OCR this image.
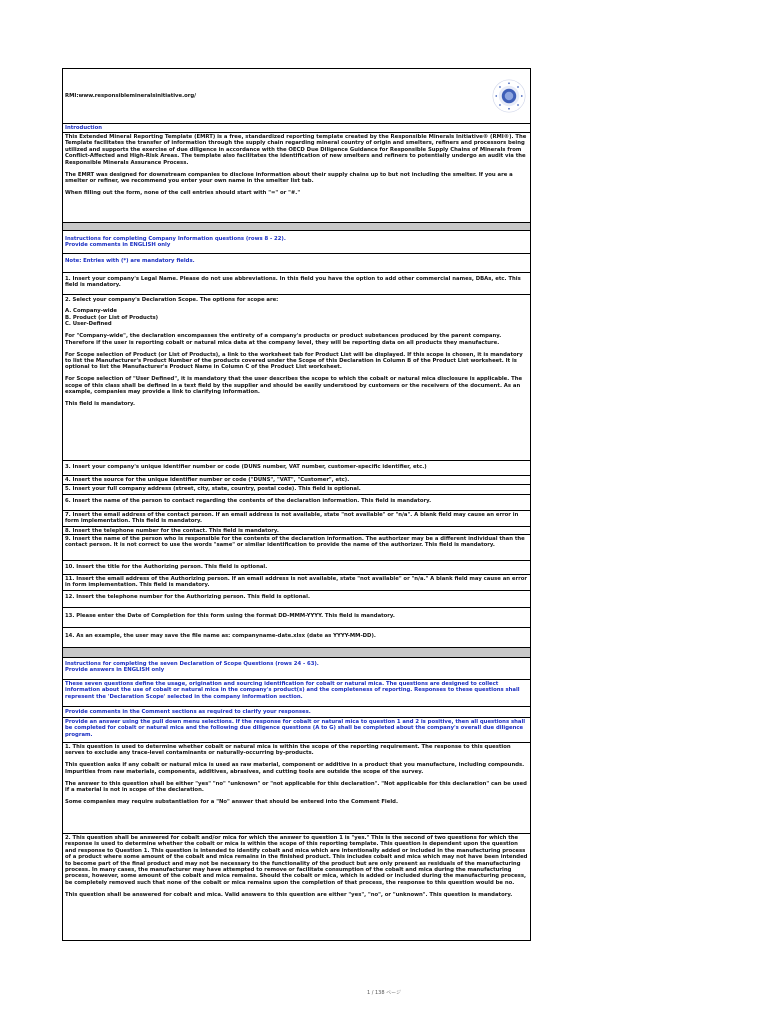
RMI:www.responsiblemineralsinitiative.org/
Introduction

This Extended Mineral Reporting Template (EMRT) is a free, standardized reporting template created by the Responsible Minerals Initiative® (RMI®). The Template facilitates the transfer of information through the supply chain regarding mineral country of origin and smelters, refiners and processors being utilized and supports the exercise of due diligence in accordance with the OECD Due Diligence Guidance for Responsible Supply Chains of Minerals from Conflict-Affected and High-Risk Areas. The template also facilitates the identification of new smelters and refiners to potentially undergo an audit via the Responsible Minerals Assurance Process.

The EMRT was designed for downstream companies to disclose information about their supply chains up to but not including the smelter. If you are a smelter or refiner, we recommend you enter your own name in the smelter list tab.

When filling out the form, none of the cell entries should start with "=" or "#."

Instructions for completing Company Information questions (rows 8 - 22).

Provide comments in ENGLISH only

Note: Entries with (*) are mandatory fields.
1. Insert your company's Legal Name. Please do not use abbreviations. In this field you have the option to add other commercial names, DBAs, etc. This field is mandatory.

2. Select your company's Declaration Scope. The options for scope are:

A. Company-wide

B. Product (or List of Products)

C. User-Defined

For "Company-wide", the declaration encompasses the entirety of a company's products or product substances produced by the parent company. Therefore if the user is reporting cobalt or natural mica data at the company level, they will be reporting data on all products they manufacture.

For Scope selection of Product (or List of Products), a link to the worksheet tab for Product List will be displayed. If this scope is chosen, it is mandatory to list the Manufacturer's Product Number of the products covered under the Scope of this Declaration in Column B of the Product List worksheet. It is optional to list the Manufacturer's Product Name in Column C of the Product List worksheet.

For Scope selection of "User Defined", it is mandatory that the user describes the scope to which the cobalt or natural mica disclosure is applicable. The scope of this class shall be defined in a text field by the supplier and should be easily understood by customers or the receivers of the document. As an example, companies may provide a link to clarifying information.

This field is mandatory.

3. Insert your company's unique identifier number or code (DUNS number, VAT number, customer-specific identifier, etc.)
4. Insert the source for the unique identifier number or code ("DUNS", "VAT", "Customer", etc).
5. Insert your full company address (street, city, state, country, postal code). This field is optional.
6. Insert the name of the person to contact regarding the contents of the declaration information. This field is mandatory.
7. Insert the email address of the contact person. If an email address is not available, state "not available" or "n/a". A blank field may cause an error in form implementation. This field is mandatory.
8. Insert the telephone number for the contact. This field is mandatory.
9. Insert the name of the person who is responsible for the contents of the declaration information. The authorizer may be a different individual than the contact person. It is not correct to use the words "same" or similar identification to provide the name of the authorizer. This field is mandatory.
10. Insert the title for the Authorizing person. This field is optional.
11. Insert the email address of the Authorizing person. If an email address is not available, state "not available" or "n/a." A blank field may cause an error in form implementation. This field is mandatory.
12. Insert the telephone number for the Authorizing person. This field is optional.
13. Please enter the Date of Completion for this form using the format DD-MMM-YYYY. This field is mandatory.
14. As an example, the user may save the file name as: companyname-date.xlsx (date as YYYY-MM-DD).

Instructions for completing the seven Declaration of Scope Questions (rows 24 - 63).

Provide answers in ENGLISH only

These seven questions define the usage, origination and sourcing identification for cobalt or natural mica. The questions are designed to collect information about the use of cobalt or natural mica in the company's product(s) and the completeness of reporting. Responses to these questions shall represent the 'Declaration Scope' selected in the company information section.
Provide comments in the Comment sections as required to clarify your responses.
Provide an answer using the pull down menu selections. If the response for cobalt or natural mica to question 1 and 2 is positive, then all questions shall be completed for cobalt or natural mica and the following due diligence questions (A to G) shall be completed about the company's overall due diligence program.

1. This question is used to determine whether cobalt or natural mica is within the scope of the reporting requirement. The response to this question serves to exclude any trace-level contaminants or naturally-occurring by-products.

This question asks if any cobalt or natural mica is used as raw material, component or additive in a product that you manufacture, including compounds. Impurities from raw materials, components, additives, abrasives, and cutting tools are outside the scope of the survey.

The answer to this question shall be either "yes" "no" "unknown" or "not applicable for this declaration". "Not applicable for this declaration" can be used if a material is not in scope of the declaration.

Some companies may require substantiation for a "No" answer that should be entered into the Comment Field.

2. This question shall be answered for cobalt and/or mica for which the answer to question 1 is "yes." This is the second of two questions for which the response is used to determine whether the cobalt or mica is within the scope of this reporting template. This question is dependent upon the question and response to Question 1. This question is intended to identify cobalt and mica which are intentionally added or included in the manufacturing process of a product where some amount of the cobalt and mica remains in the finished product. This includes cobalt and mica which may not have been intended to become part of the final product and may not be necessary to the functionality of the product but are only present as residuals of the manufacturing process. In many cases, the manufacturer may have attempted to remove or facilitate consumption of the cobalt and mica during the manufacturing process, however, some amount of the cobalt and mica remains. Should the cobalt or mica, which is added or included during the manufacturing process, be completely removed such that none of the cobalt or mica remains upon the completion of that process, the response to this question would be no.

This question shall be answered for cobalt and mica. Valid answers to this question are either "yes", "no", or "unknown". This question is mandatory.

1 / 138 ページ
